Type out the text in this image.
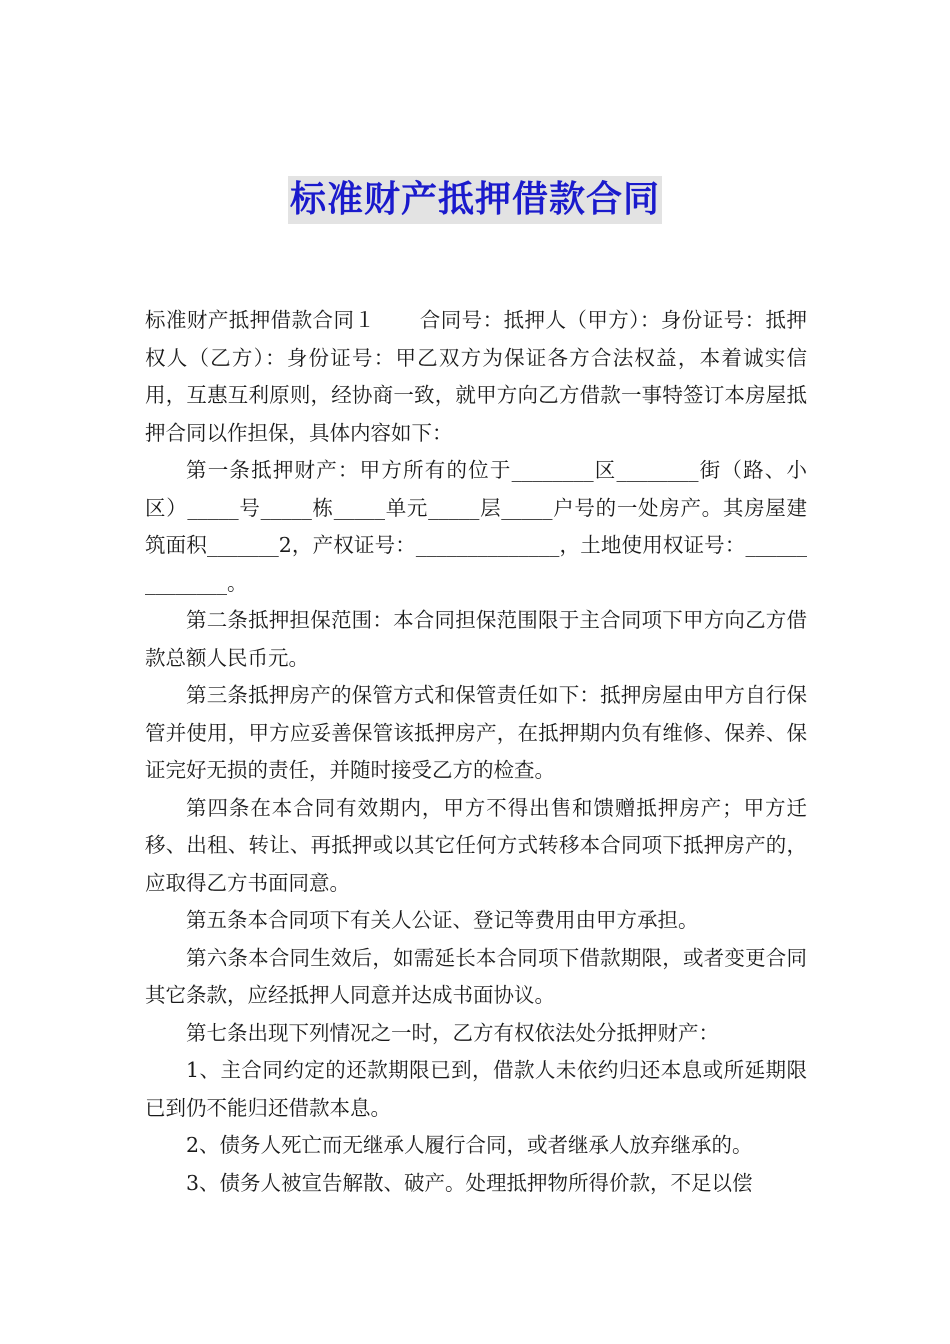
标准财产抵押借款合同

标准财产抵押借款合同１ 合同号：抵押人（甲方）：身份证号：抵押权人（乙方）：身份证号：甲乙双方为保证各方合法权益，本着诚实信用，互惠互利原则，经协商一致，就甲方向乙方借款一事特签订本房屋抵押合同以作担保，具体内容如下：

第一条抵押财产：甲方所有的位于________区________街（路、小区）_____号_____栋_____单元_____层_____户号的一处房产。其房屋建筑面积_______2，产权证号：______________，土地使用权证号：______________。

第二条抵押担保范围：本合同担保范围限于主合同项下甲方向乙方借款总额人民币元。

第三条抵押房产的保管方式和保管责任如下：抵押房屋由甲方自行保管并使用，甲方应妥善保管该抵押房产，在抵押期内负有维修、保养、保证完好无损的责任，并随时接受乙方的检查。

第四条在本合同有效期内，甲方不得出售和馈赠抵押房产；甲方迁移、出租、转让、再抵押或以其它任何方式转移本合同项下抵押房产的，应取得乙方书面同意。

第五条本合同项下有关人公证、登记等费用由甲方承担。

第六条本合同生效后，如需延长本合同项下借款期限，或者变更合同其它条款，应经抵押人同意并达成书面协议。

第七条出现下列情况之一时，乙方有权依法处分抵押财产：

1、主合同约定的还款期限已到，借款人未依约归还本息或所延期限已到仍不能归还借款本息。

2、债务人死亡而无继承人履行合同，或者继承人放弃继承的。

3、债务人被宣告解散、破产。处理抵押物所得价款，不足以偿
